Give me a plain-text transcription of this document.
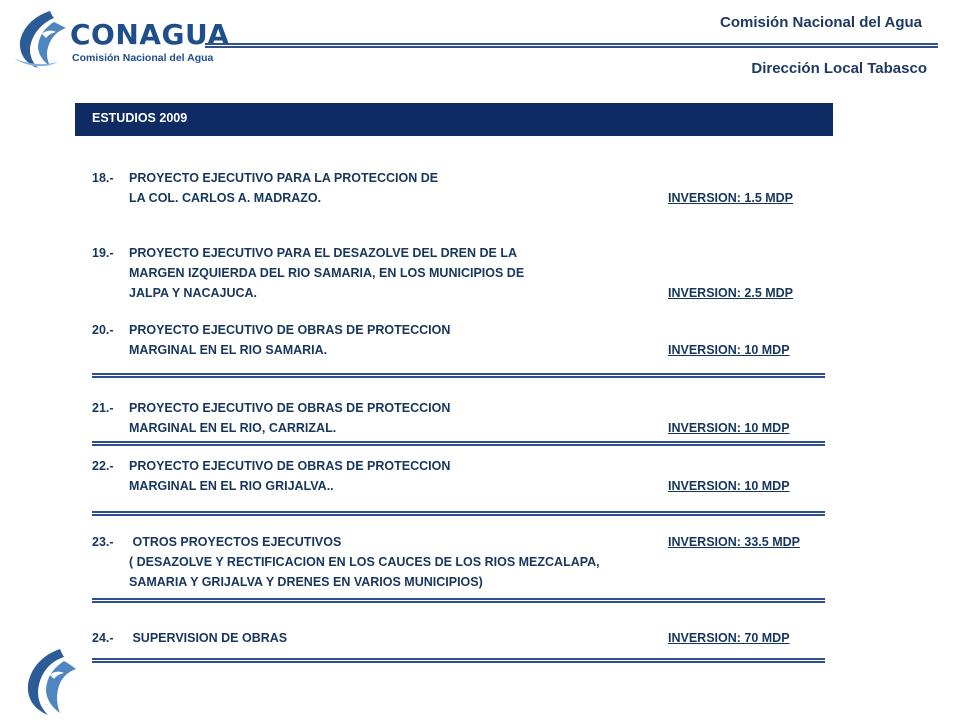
CONAGUA
Comisión Nacional del Agua
Comisión Nacional del Agua
Dirección Local Tabasco
ESTUDIOS 2009
18.- PROYECTO EJECUTIVO PARA LA PROTECCION DE
LA COL. CARLOS A. MADRAZO.	INVERSION: 1.5 MDP
19.- PROYECTO EJECUTIVO PARA EL DESAZOLVE DEL DREN DE LA
MARGEN IZQUIERDA DEL RIO SAMARIA, EN LOS MUNICIPIOS DE
JALPA Y NACAJUCA.	INVERSION: 2.5 MDP
20.- PROYECTO EJECUTIVO DE OBRAS DE PROTECCION
MARGINAL EN EL RIO SAMARIA.	INVERSION: 10 MDP
21.- PROYECTO EJECUTIVO DE OBRAS DE PROTECCION
MARGINAL EN EL RIO, CARRIZAL.	INVERSION: 10 MDP
22.- PROYECTO EJECUTIVO DE OBRAS DE PROTECCION
MARGINAL EN EL RIO GRIJALVA..	INVERSION: 10 MDP
23.- OTROS PROYECTOS EJECUTIVOS
( DESAZOLVE Y RECTIFICACION EN LOS CAUCES DE LOS RIOS MEZCALAPA,
SAMARIA Y GRIJALVA Y DRENES EN VARIOS MUNICIPIOS)
INVERSION: 33.5 MDP
24.- SUPERVISION DE OBRAS	INVERSION: 70 MDP
